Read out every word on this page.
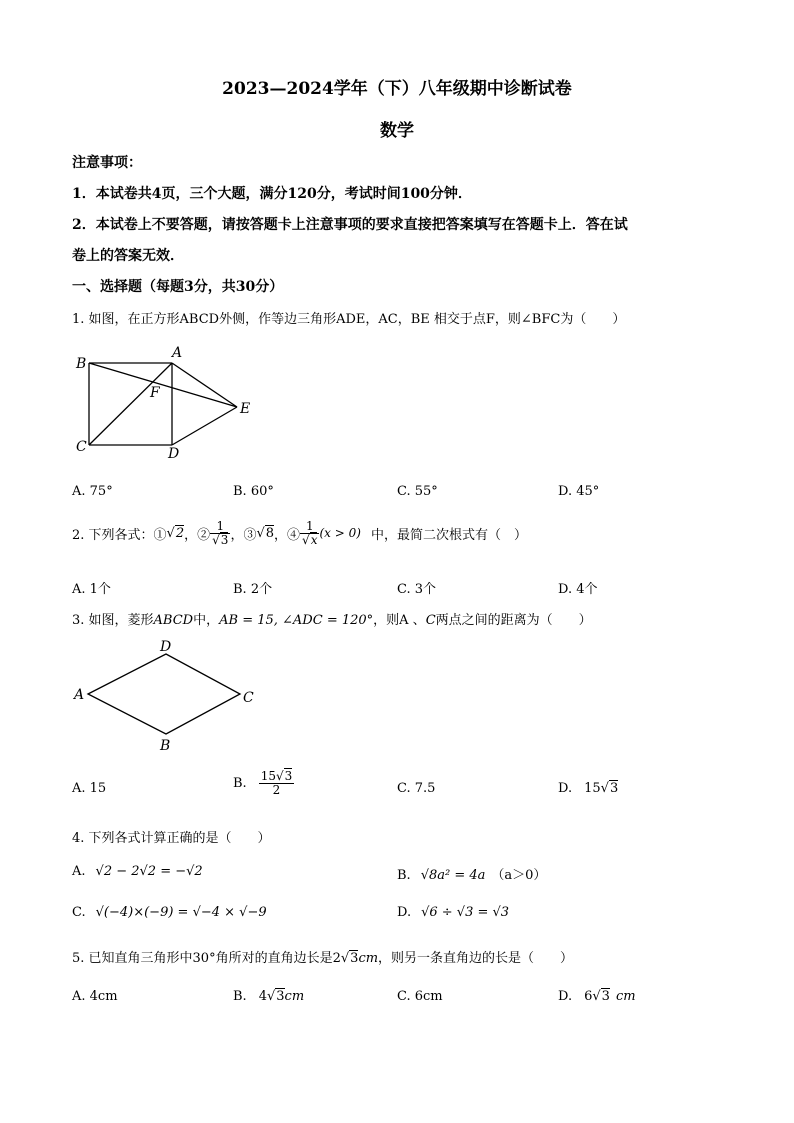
2023—2024学年（下）八年级期中诊断试卷
数学
注意事项：
1．本试卷共4页，三个大题，满分120分，考试时间100分钟．
2．本试卷上不要答题，请按答题卡上注意事项的要求直接把答案填写在答题卡上．答在试
卷上的答案无效．
一、选择题（每题3分，共30分）
1. 如图，在正方形ABCD外侧，作等边三角形ADE，AC，BE 相交于点F，则∠BFC为（　　）
B
A
F
E
C	D
A. 75°	B. 60°	C. 55°	D. 45°
2. 下列各式：① √2 ，② $\frac{1}{√3}$ ，③ √8 ，④ $\frac{1}{√x} (x > 0)$ 中，最简二次根式有（　）
A. 1个	B. 2个	C. 3个	D. 4个
3. 如图，菱形ABCD中，AB = 15, ∠ADC = 120°，则A 、C两点之间的距离为（　　）
D
A	C
B
A. 15	B. $\frac{15√3}{2}$	C. 7.5	D. 15√3
4. 下列各式计算正确的是（　　）
A. √2 − 2√2 = −√2	B. √8a² = 4a （a＞0）
C. √(−4)×(−9) = √−4 × √−9	D. √6 ÷ √3 = √3
5. 已知直角三角形中30°角所对的直角边长是2√3cm，则另一条直角边的长是（　　）
A. 4cm	B. 4√3cm	C. 6cm	D. 6√3 cm
